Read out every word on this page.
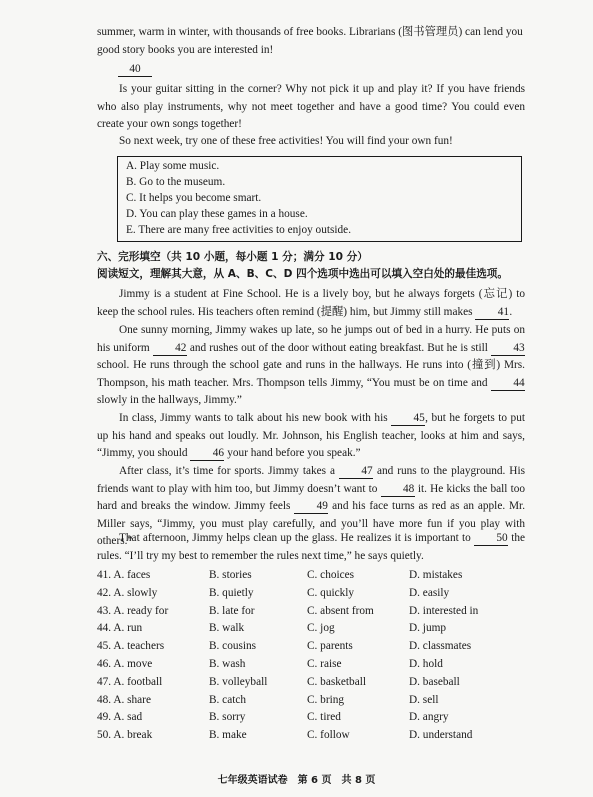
summer, warm in winter, with thousands of free books. Librarians (图书管理员) can lend you
good story books you are interested in!
40

Is your guitar sitting in the corner? Why not pick it up and play it? If you have friends who also play instruments, why not meet together and have a good time? You could even create your own songs together!

So next week, try one of these free activities! You will find your own fun!

A. Play some music.
B. Go to the museum.
C. It helps you become smart.
D. You can play these games in a house.
E. There are many free activities to enjoy outside.
六、完形填空（共 10 小题，每小题 1 分；满分 10 分）
阅读短文，理解其大意，从 A、B、C、D 四个选项中选出可以填入空白处的最佳选项。

Jimmy is a student at Fine School. He is a lively boy, but he always forgets (忘记) to keep the school rules. His teachers often remind (提醒) him, but Jimmy still makes 41.

One sunny morning, Jimmy wakes up late, so he jumps out of bed in a hurry. He puts on his uniform 42 and rushes out of the door without eating breakfast. But he is still 43 school. He runs through the school gate and runs in the hallways. He runs into (撞到) Mrs. Thompson, his math teacher. Mrs. Thompson tells Jimmy, “You must be on time and 44 slowly in the hallways, Jimmy.”

In class, Jimmy wants to talk about his new book with his 45, but he forgets to put up his hand and speaks out loudly. Mr. Johnson, his English teacher, looks at him and says, “Jimmy, you should 46 your hand before you speak.”

After class, it’s time for sports. Jimmy takes a 47 and runs to the playground. His friends want to play with him too, but Jimmy doesn’t want to 48 it. He kicks the ball too hard and breaks the window. Jimmy feels 49 and his face turns as red as an apple. Mr. Miller says, “Jimmy, you must play carefully, and you’ll have more fun if you play with others.”

That afternoon, Jimmy helps clean up the glass. He realizes it is important to 50 the rules. “I’ll try my best to remember the rules next time,” he says quietly.

41. A. faces	B. stories	C. choices	D. mistakes
42. A. slowly	B. quietly	C. quickly	D. easily
43. A. ready for	B. late for	C. absent from	D. interested in
44. A. run	B. walk	C. jog	D. jump
45. A. teachers	B. cousins	C. parents	D. classmates
46. A. move	B. wash	C. raise	D. hold
47. A. football	B. volleyball	C. basketball	D. baseball
48. A. share	B. catch	C. bring	D. sell
49. A. sad	B. sorry	C. tired	D. angry
50. A. break	B. make	C. follow	D. understand
七年级英语试卷　第 6 页　共 8 页
